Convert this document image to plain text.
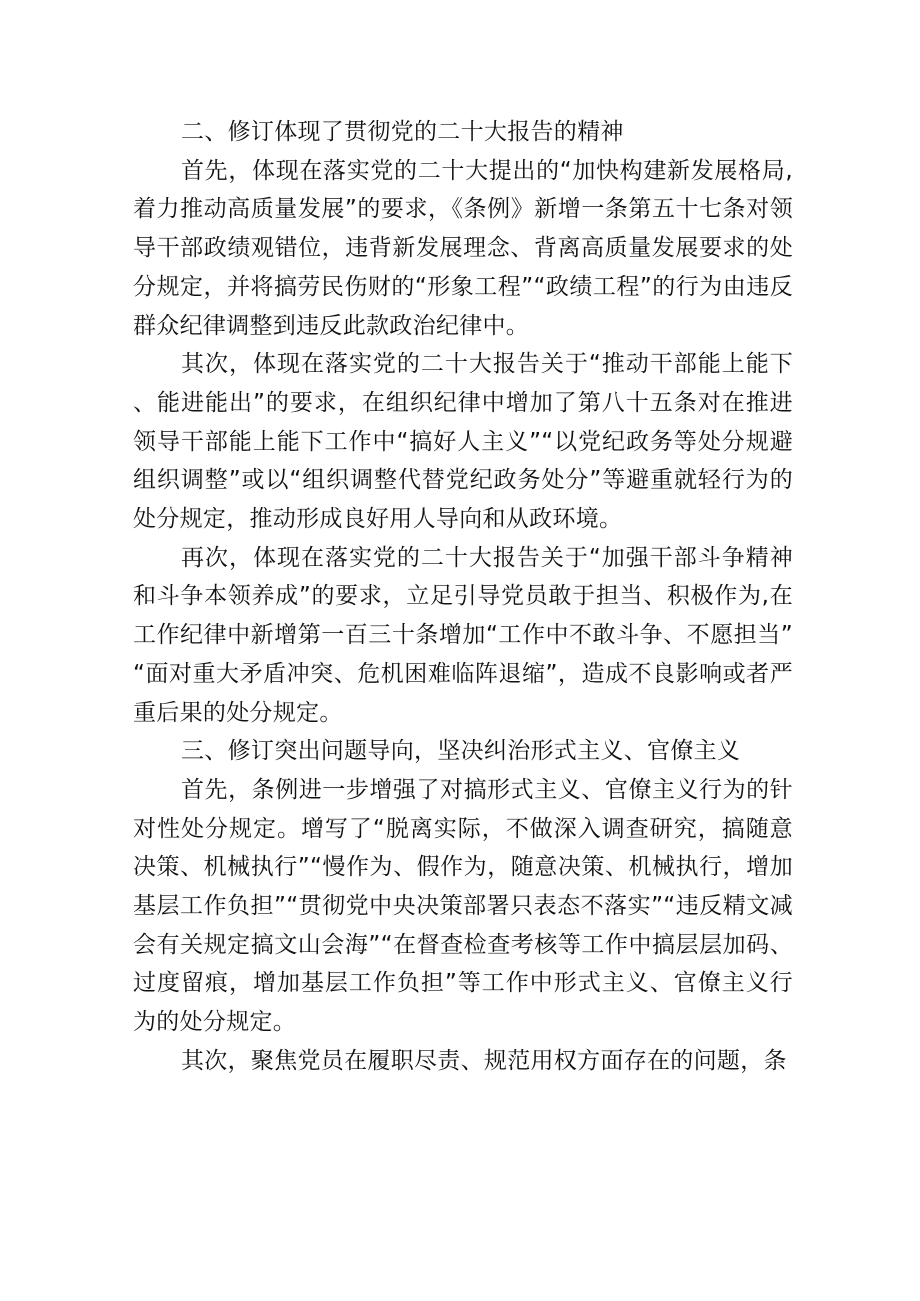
二、修订体现了贯彻党的二十大报告的精神

首先，体现在落实党的二十大提出的“加快构建新发展格局,着力推动高质量发展”的要求，《条例》新增一条第五十七条对领导干部政绩观错位，违背新发展理念、背离高质量发展要求的处分规定，并将搞劳民伤财的“形象工程”“政绩工程”的行为由违反群众纪律调整到违反此款政治纪律中。

其次，体现在落实党的二十大报告关于“推动干部能上能下、能进能出”的要求，在组织纪律中增加了第八十五条对在推进领导干部能上能下工作中“搞好人主义”“以党纪政务等处分规避组织调整”或以“组织调整代替党纪政务处分”等避重就轻行为的处分规定，推动形成良好用人导向和从政环境。

再次，体现在落实党的二十大报告关于“加强干部斗争精神和斗争本领养成”的要求，立足引导党员敢于担当、积极作为,在工作纪律中新增第一百三十条增加“工作中不敢斗争、不愿担当”“面对重大矛盾冲突、危机困难临阵退缩”，造成不良影响或者严重后果的处分规定。

三、修订突出问题导向，坚决纠治形式主义、官僚主义

首先，条例进一步增强了对搞形式主义、官僚主义行为的针对性处分规定。增写了“脱离实际，不做深入调查研究，搞随意决策、机械执行”“慢作为、假作为，随意决策、机械执行，增加基层工作负担”“贯彻党中央决策部署只表态不落实”“违反精文减会有关规定搞文山会海”“在督查检查考核等工作中搞层层加码、过度留痕，增加基层工作负担”等工作中形式主义、官僚主义行为的处分规定。

其次，聚焦党员在履职尽责、规范用权方面存在的问题，条
